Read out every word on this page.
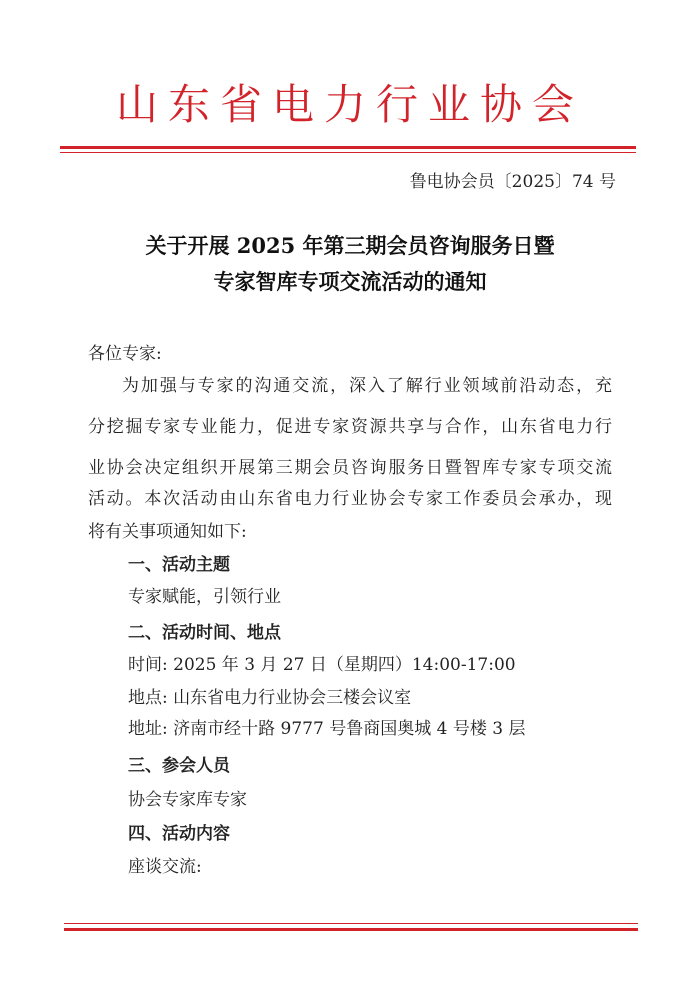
山东省电力行业协会
鲁电协会员〔2025〕74 号
关于开展 2025 年第三期会员咨询服务日暨
专家智库专项交流活动的通知
各位专家:
为加强与专家的沟通交流，深入了解行业领域前沿动态，充
分挖掘专家专业能力，促进专家资源共享与合作，山东省电力行
业协会决定组织开展第三期会员咨询服务日暨智库专家专项交流
活动。本次活动由山东省电力行业协会专家工作委员会承办，现
将有关事项通知如下:
一、活动主题
专家赋能，引领行业
二、活动时间、地点
时间: 2025 年 3 月 27 日（星期四）14:00-17:00
地点: 山东省电力行业协会三楼会议室
地址: 济南市经十路 9777 号鲁商国奥城 4 号楼 3 层
三、参会人员
协会专家库专家
四、活动内容
座谈交流:
